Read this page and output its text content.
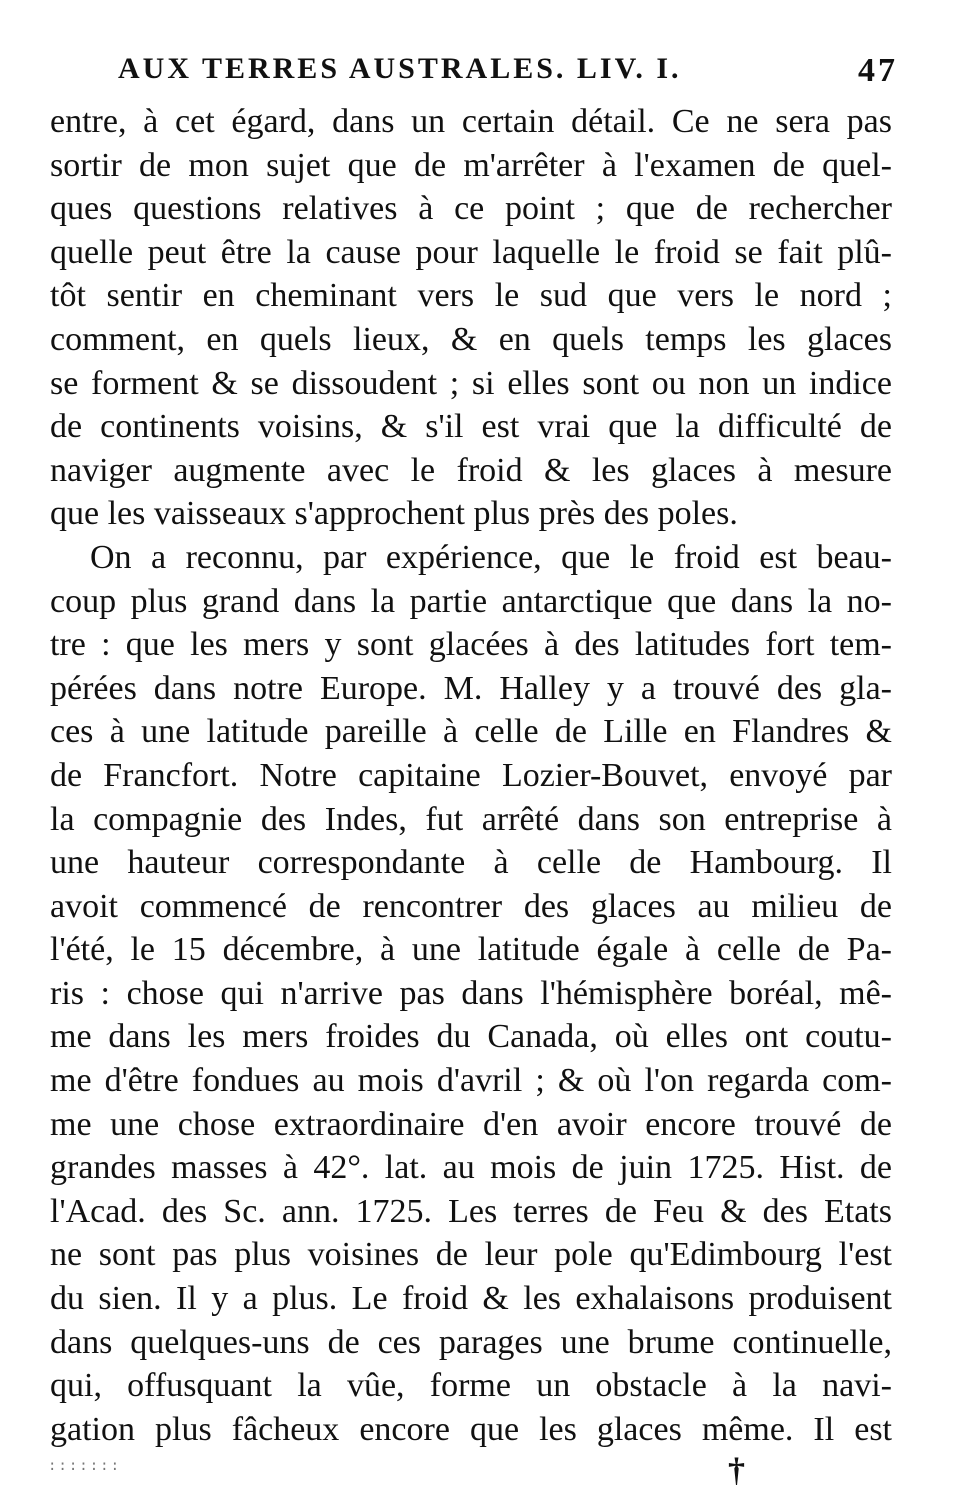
AUX TERRES AUSTRALES. LIV. I.	47
entre, à cet égard, dans un certain détail. Ce ne sera pas
sortir de mon sujet que de m'arrêter à l'examen de quel-
ques questions relatives à ce point ; que de rechercher
quelle peut être la cause pour laquelle le froid se fait plû-
tôt sentir en cheminant vers le sud que vers le nord ;
comment, en quels lieux, & en quels temps les glaces
se forment & se dissoudent ; si elles sont ou non un indice
de continents voisins, & s'il est vrai que la difficulté de
naviger augmente avec le froid & les glaces à mesure
que les vaisseaux s'approchent plus près des poles.
On a reconnu, par expérience, que le froid est beau-
coup plus grand dans la partie antarctique que dans la no-
tre : que les mers y sont glacées à des latitudes fort tem-
pérées dans notre Europe. M. Halley y a trouvé des gla-
ces à une latitude pareille à celle de Lille en Flandres &
de Francfort. Notre capitaine Lozier-Bouvet, envoyé par
la compagnie des Indes, fut arrêté dans son entreprise à
une hauteur correspondante à celle de Hambourg. Il
avoit commencé de rencontrer des glaces au milieu de
l'été, le 15 décembre, à une latitude égale à celle de Pa-
ris : chose qui n'arrive pas dans l'hémisphère boréal, mê-
me dans les mers froides du Canada, où elles ont coutu-
me d'être fondues au mois d'avril ; & où l'on regarda com-
me une chose extraordinaire d'en avoir encore trouvé de
grandes masses à 42°. lat. au mois de juin 1725. Hist. de
l'Acad. des Sc. ann. 1725. Les terres de Feu & des Etats
ne sont pas plus voisines de leur pole qu'Edimbourg l'est
du sien. Il y a plus. Le froid & les exhalaisons produisent
dans quelques-uns de ces parages une brume continuelle,
qui, offusquant la vûe, forme un obstacle à la navi-
gation plus fâcheux encore que les glaces même. Il est
†
:::::::
